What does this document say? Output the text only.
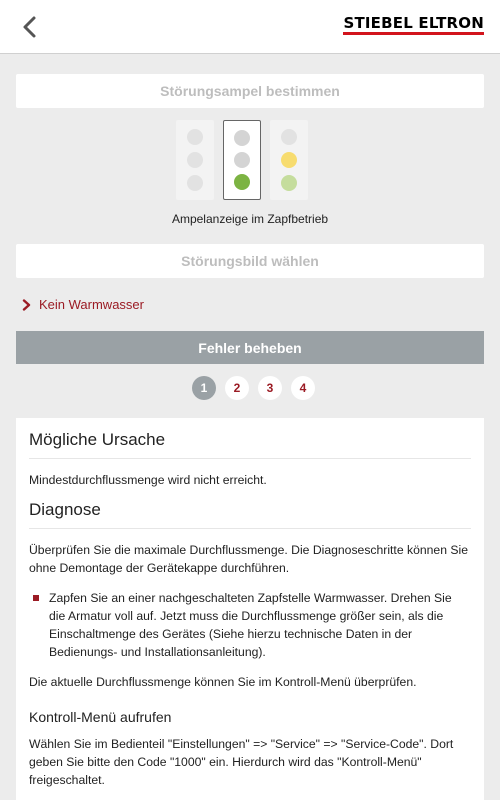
STIEBEL ELTRON
Störungsampel bestimmen
Ampelanzeige im Zapfbetrieb
Störungsbild wählen
Kein Warmwasser
Fehler beheben
1	2	3	4
Mögliche Ursache
Mindestdurchflussmenge wird nicht erreicht.
Diagnose
Überprüfen Sie die maximale Durchflussmenge. Die Diagnoseschritte können Sie ohne Demontage der Gerätekappe durchführen.
Zapfen Sie an einer nachgeschalteten Zapfstelle Warmwasser. Drehen Sie die Armatur voll auf. Jetzt muss die Durchflussmenge größer sein, als die Einschaltmenge des Gerätes (Siehe hierzu technische Daten in der Bedienungs- und Installationsanleitung).
Die aktuelle Durchflussmenge können Sie im Kontroll-Menü überprüfen.
Kontroll-Menü aufrufen
Wählen Sie im Bedienteil "Einstellungen" => "Service" => "Service-Code". Dort geben Sie bitte den Code "1000" ein. Hierdurch wird das "Kontroll-Menü" freigeschaltet.
